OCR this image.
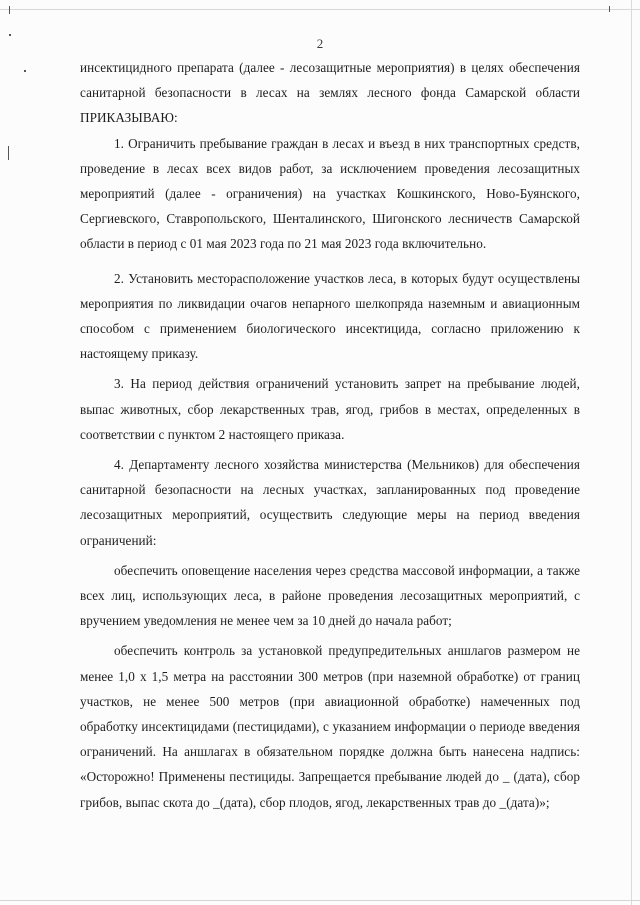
2

инсектицидного препарата (далее - лесозащитные мероприятия) в целях обеспечения санитарной безопасности в лесах на землях лесного фонда Самарской области ПРИКАЗЫВАЮ:

1. Ограничить пребывание граждан в лесах и въезд в них транспортных средств, проведение в лесах всех видов работ, за исключением проведения лесозащитных мероприятий (далее - ограничения) на участках Кошкинского, Ново-Буянского, Сергиевского, Ставропольского, Шенталинского, Шигонского лесничеств Самарской области в период с 01 мая 2023 года по 21 мая 2023 года включительно.

2. Установить месторасположение участков леса, в которых будут осуществлены мероприятия по ликвидации очагов непарного шелкопряда наземным и авиационным способом с применением биологического инсектицида, согласно приложению к настоящему приказу.

3. На период действия ограничений установить запрет на пребывание людей, выпас животных, сбор лекарственных трав, ягод, грибов в местах, определенных в соответствии с пунктом 2 настоящего приказа.

4. Департаменту лесного хозяйства министерства (Мельников) для обеспечения санитарной безопасности на лесных участках, запланированных под проведение лесозащитных мероприятий, осуществить следующие меры на период введения ограничений:

обеспечить оповещение населения через средства массовой информации, а также всех лиц, использующих леса, в районе проведения лесозащитных мероприятий, с вручением уведомления не менее чем за 10 дней до начала работ;

обеспечить контроль за установкой предупредительных аншлагов размером не менее 1,0 x 1,5 метра на расстоянии 300 метров (при наземной обработке) от границ участков, не менее 500 метров (при авиационной обработке) намеченных под обработку инсектицидами (пестицидами), с указанием информации о периоде введения ограничений. На аншлагах в обязательном порядке должна быть нанесена надпись: «Осторожно! Применены пестициды. Запрещается пребывание людей до _ (дата), сбор грибов, выпас скота до _(дата), сбор плодов, ягод, лекарственных трав до _(дата)»;
